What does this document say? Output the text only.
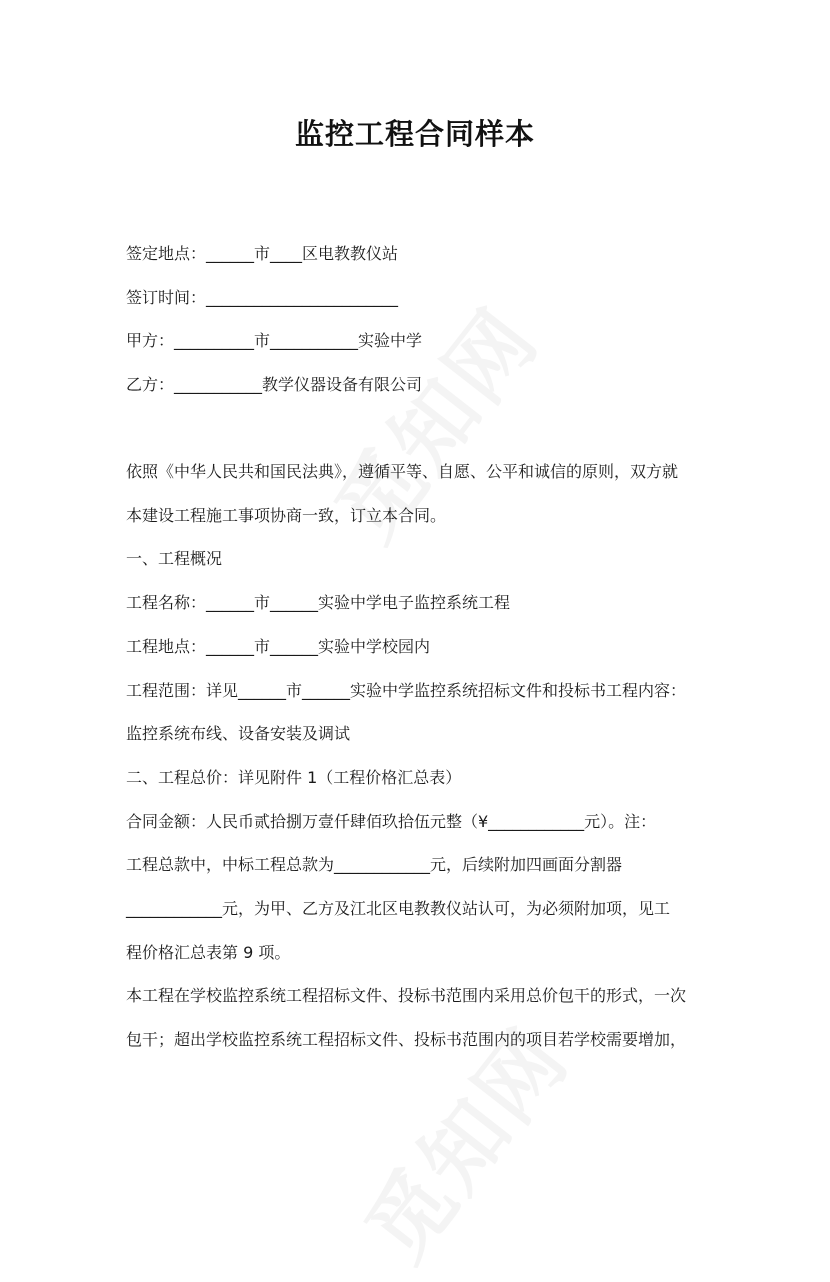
监控工程合同样本
签定地点：______市____区电教教仪站
签订时间：________________________
甲方：__________市___________实验中学
乙方：___________教学仪器设备有限公司
依照《中华人民共和国民法典》，遵循平等、自愿、公平和诚信的原则，双方就
本建设工程施工事项协商一致，订立本合同。
一、工程概况
工程名称：______市______实验中学电子监控系统工程
工程地点：______市______实验中学校园内
工程范围：详见______市______实验中学监控系统招标文件和投标书工程内容：
监控系统布线、设备安装及调试
二、工程总价：详见附件 1（工程价格汇总表）
合同金额：人民币贰拾捌万壹仟肆佰玖拾伍元整（¥____________元）。注：
工程总款中，中标工程总款为____________元，后续附加四画面分割器
____________元，为甲、乙方及江北区电教教仪站认可，为必须附加项，见工
程价格汇总表第 9 项。
本工程在学校监控系统工程招标文件、投标书范围内采用总价包干的形式，一次
包干；超出学校监控系统工程招标文件、投标书范围内的项目若学校需要增加，
